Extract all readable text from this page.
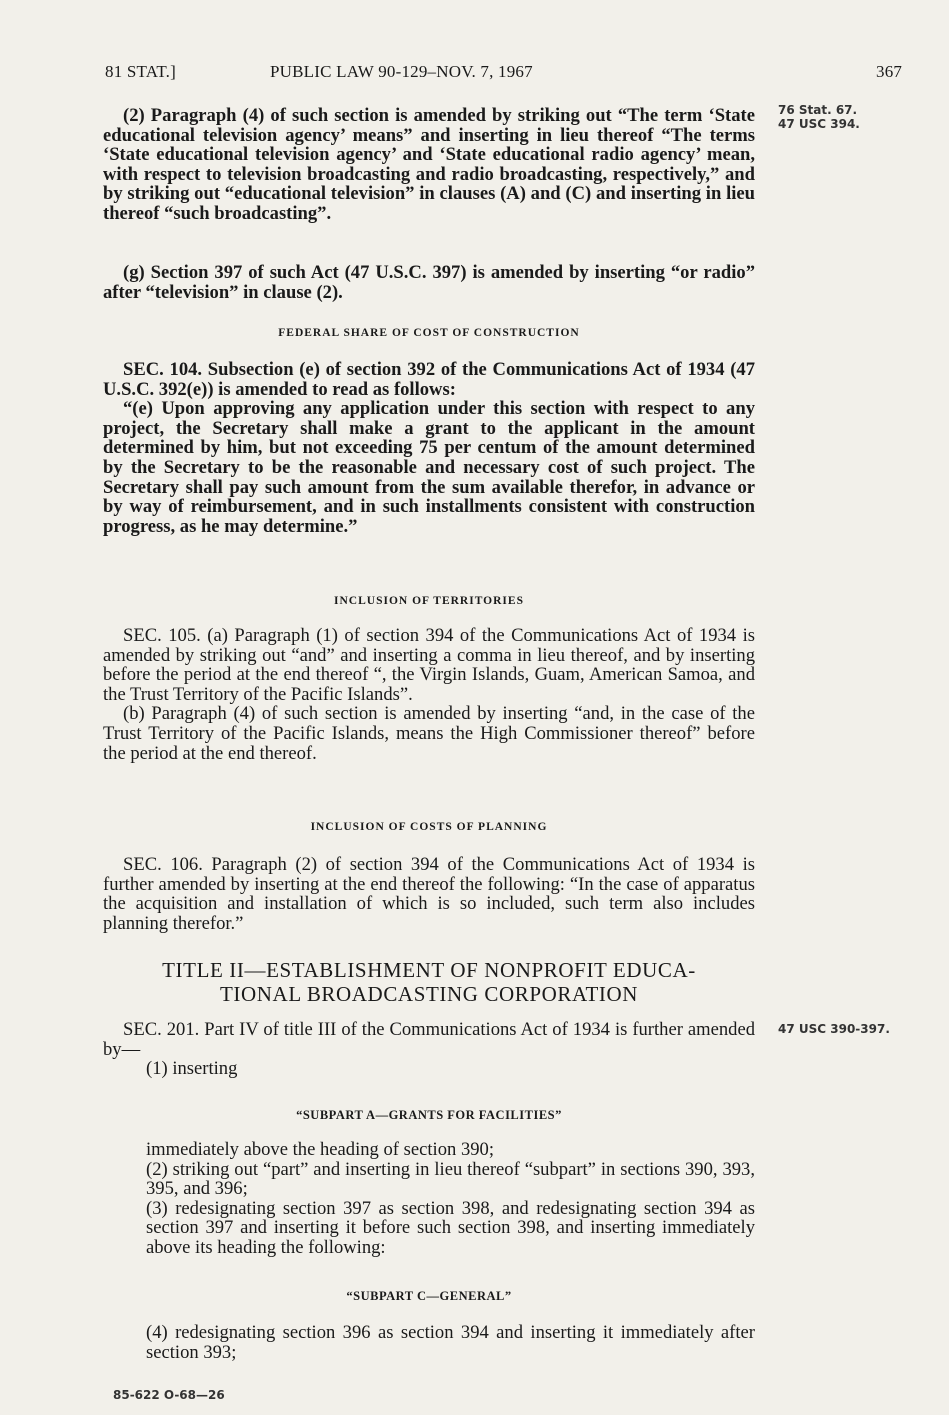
81 STAT.]	PUBLIC LAW 90-129–NOV. 7, 1967	367
76 Stat. 67.
47 USC 394.
47 USC 390-397.

(2) Paragraph (4) of such section is amended by striking out “The term ‘State educational television agency’ means” and inserting in lieu thereof “The terms ‘State educational television agency’ and ‘State educational radio agency’ mean, with respect to television broadcasting and radio broadcasting, respectively,” and by striking out “educational television” in clauses (A) and (C) and inserting in lieu thereof “such broadcasting”.

(g) Section 397 of such Act (47 U.S.C. 397) is amended by inserting “or radio” after “television” in clause (2).

FEDERAL SHARE OF COST OF CONSTRUCTION

SEC. 104. Subsection (e) of section 392 of the Communications Act of 1934 (47 U.S.C. 392(e)) is amended to read as follows:

“(e) Upon approving any application under this section with respect to any project, the Secretary shall make a grant to the applicant in the amount determined by him, but not exceeding 75 per centum of the amount determined by the Secretary to be the reasonable and necessary cost of such project. The Secretary shall pay such amount from the sum available therefor, in advance or by way of reimbursement, and in such installments consistent with construction progress, as he may determine.”

INCLUSION OF TERRITORIES

SEC. 105. (a) Paragraph (1) of section 394 of the Communications Act of 1934 is amended by striking out “and” and inserting a comma in lieu thereof, and by inserting before the period at the end thereof “, the Virgin Islands, Guam, American Samoa, and the Trust Territory of the Pacific Islands”.

(b) Paragraph (4) of such section is amended by inserting “and, in the case of the Trust Territory of the Pacific Islands, means the High Commissioner thereof” before the period at the end thereof.

INCLUSION OF COSTS OF PLANNING

SEC. 106. Paragraph (2) of section 394 of the Communications Act of 1934 is further amended by inserting at the end thereof the following: “In the case of apparatus the acquisition and installation of which is so included, such term also includes planning therefor.”

TITLE II—ESTABLISHMENT OF NONPROFIT EDUCA-

TIONAL BROADCASTING CORPORATION

SEC. 201. Part IV of title III of the Communications Act of 1934 is further amended by—

(1) inserting

“SUBPART A—GRANTS FOR FACILITIES”

immediately above the heading of section 390;

(2) striking out “part” and inserting in lieu thereof “subpart” in sections 390, 393, 395, and 396;

(3) redesignating section 397 as section 398, and redesignating section 394 as section 397 and inserting it before such section 398, and inserting immediately above its heading the following:

“SUBPART C—GENERAL”

(4) redesignating section 396 as section 394 and inserting it immediately after section 393;

85-622 O-68—26
